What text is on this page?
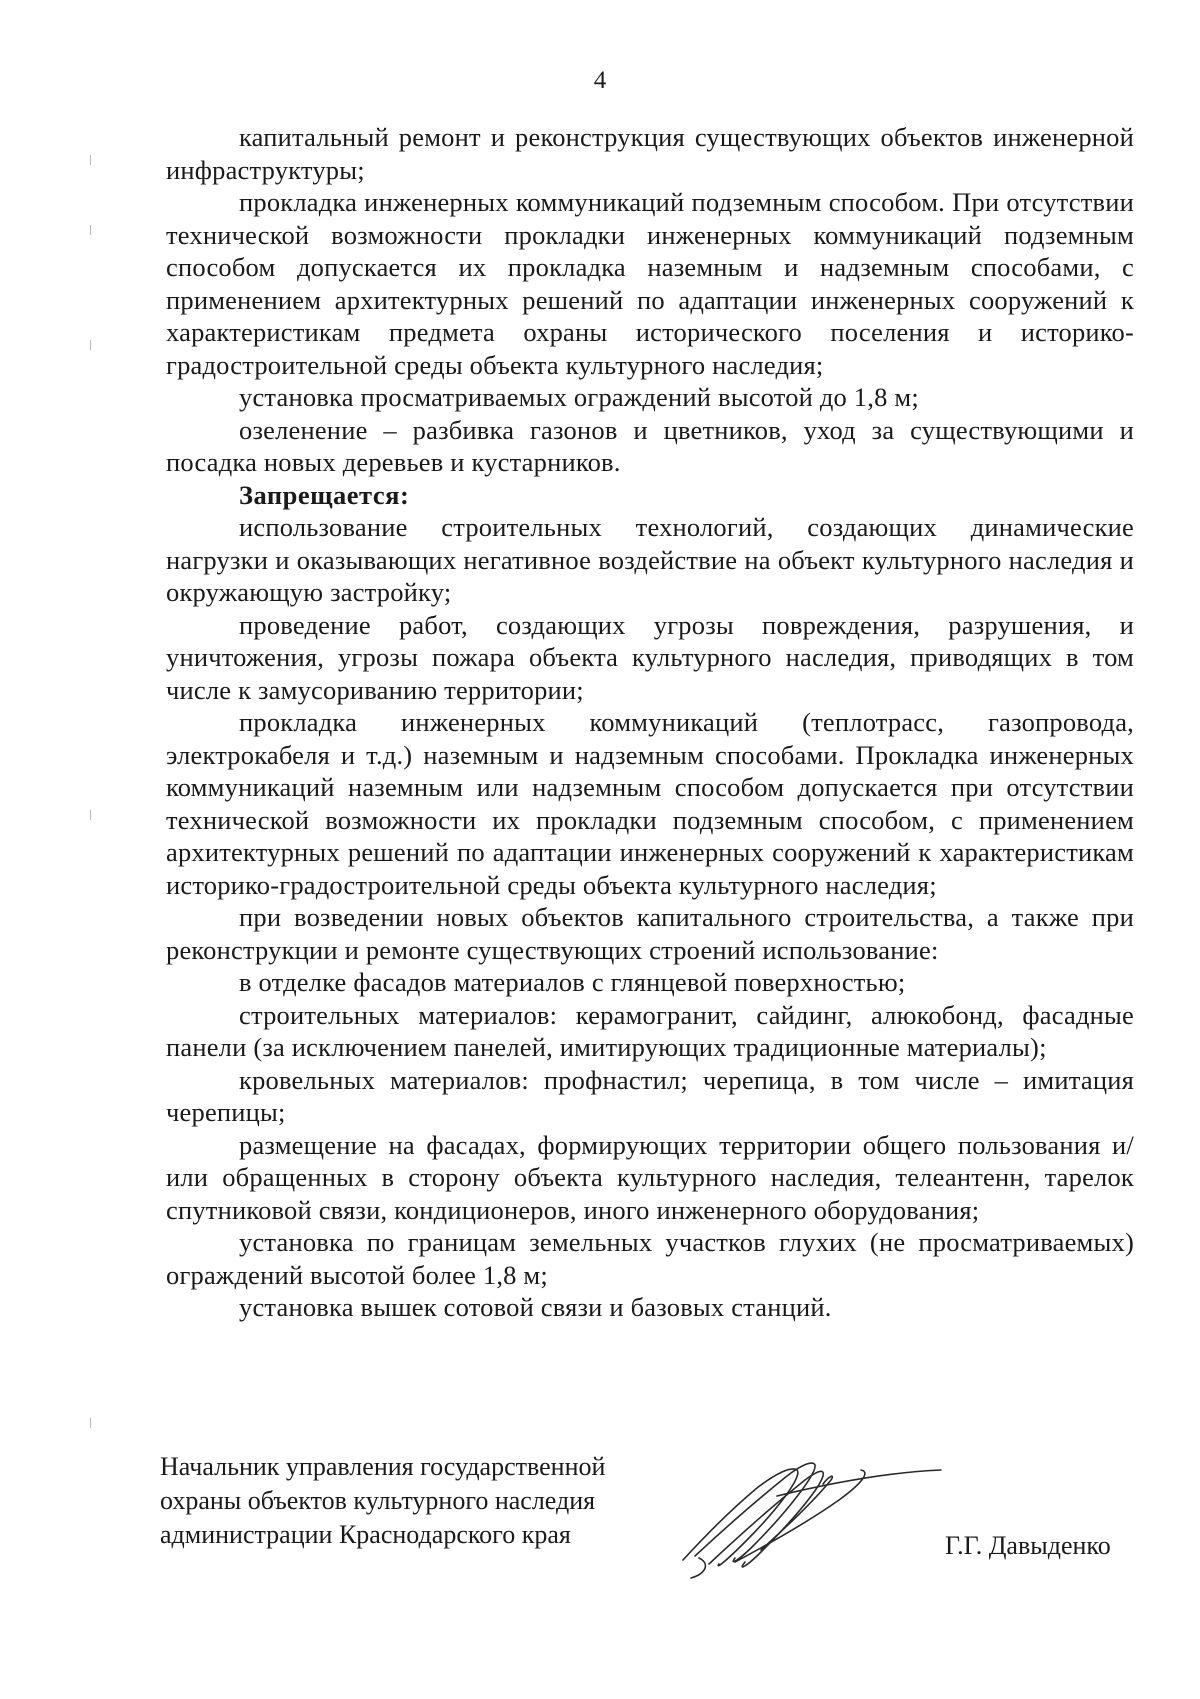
4

капитальный ремонт и реконструкция существующих объектов инженерной инфраструктуры;

прокладка инженерных коммуникаций подземным способом. При отсутствии технической возможности прокладки инженерных коммуникаций подземным способом допускается их прокладка наземным и надземным способами, с применением архитектурных решений по адаптации инженерных сооружений к характеристикам предмета охраны исторического поселения и историко-градостроительной среды объекта культурного наследия;

установка просматриваемых ограждений высотой до 1,8 м;

озеленение – разбивка газонов и цветников, уход за существующими и посадка новых деревьев и кустарников.

Запрещается:

использование строительных технологий, создающих динамические нагрузки и оказывающих негативное воздействие на объект культурного наследия и окружающую застройку;

проведение работ, создающих угрозы повреждения, разрушения, и уничтожения, угрозы пожара объекта культурного наследия, приводящих в том числе к замусориванию территории;

прокладка инженерных коммуникаций (теплотрасс, газопровода, электрокабеля и т.д.) наземным и надземным способами. Прокладка инженерных коммуникаций наземным или надземным способом допускается при отсутствии технической возможности их прокладки подземным способом, с применением архитектурных решений по адаптации инженерных сооружений к характеристикам историко-градостроительной среды объекта культурного наследия;

при возведении новых объектов капитального строительства, а также при реконструкции и ремонте существующих строений использование:

в отделке фасадов материалов с глянцевой поверхностью;

строительных материалов: керамогранит, сайдинг, алюкобонд, фасадные панели (за исключением панелей, имитирующих традиционные материалы);

кровельных материалов: профнастил; черепица, в том числе – имитация черепицы;

размещение на фасадах, формирующих территории общего пользования и/или обращенных в сторону объекта культурного наследия, телеантенн, тарелок спутниковой связи, кондиционеров, иного инженерного оборудования;

установка по границам земельных участков глухих (не просматриваемых) ограждений высотой более 1,8 м;

установка вышек сотовой связи и базовых станций.

Начальник управления государственной
охраны объектов культурного наследия
администрации Краснодарского края	Г.Г. Давыденко
